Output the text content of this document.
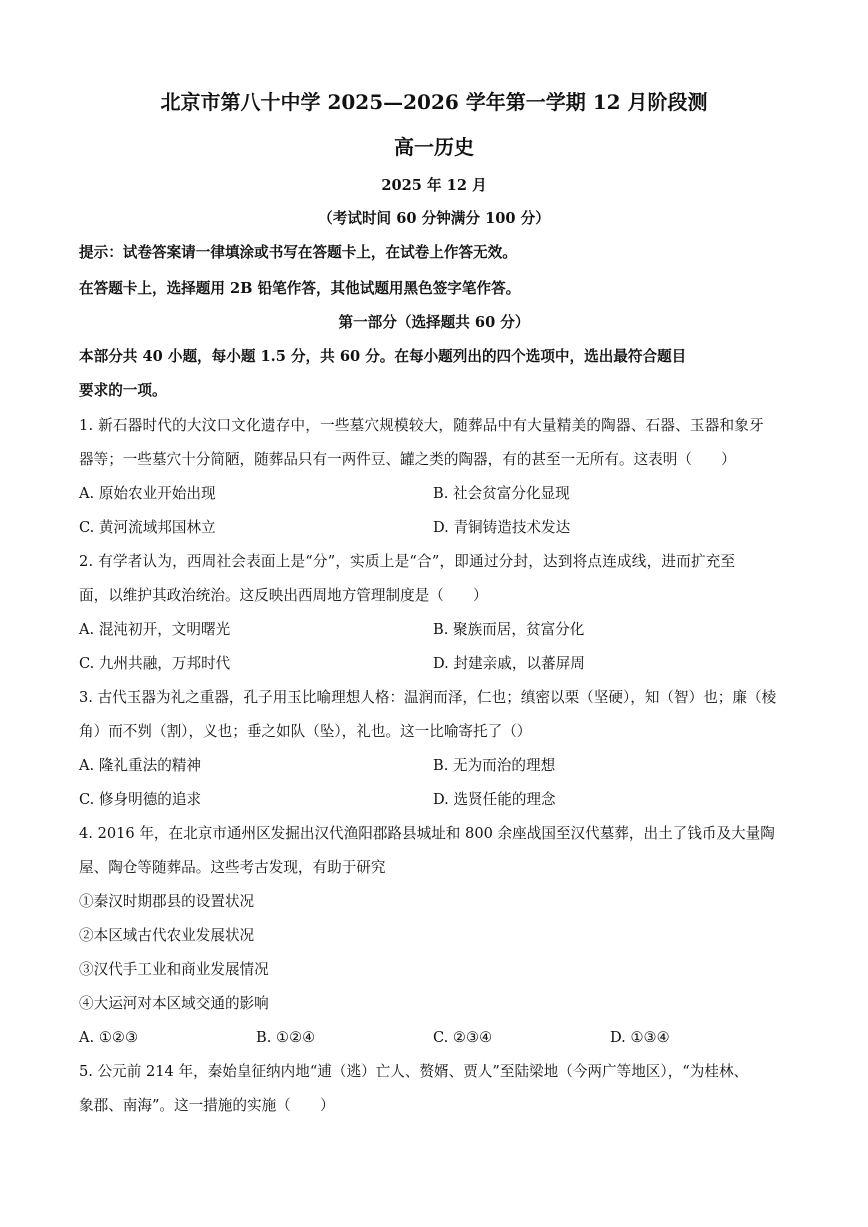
北京市第八十中学 2025—2026 学年第一学期 12 月阶段测

高一历史

2025 年 12 月

（考试时间 60 分钟满分 100 分）

提示：试卷答案请一律填涂或书写在答题卡上，在试卷上作答无效。

在答题卡上，选择题用 2B 铅笔作答，其他试题用黑色签字笔作答。

第一部分（选择题共 60 分）

本部分共 40 小题，每小题 1.5 分，共 60 分。在每小题列出的四个选项中，选出最符合题目

要求的一项。

1. 新石器时代的大汶口文化遗存中，一些墓穴规模较大，随葬品中有大量精美的陶器、石器、玉器和象牙

器等；一些墓穴十分简陋，随葬品只有一两件豆、罐之类的陶器，有的甚至一无所有。这表明（　　）

A. 原始农业开始出现	B. 社会贫富分化显现

C. 黄河流域邦国林立	D. 青铜铸造技术发达

2. 有学者认为，西周社会表面上是“分”，实质上是“合”，即通过分封，达到将点连成线，进而扩充至

面，以维护其政治统治。这反映出西周地方管理制度是（　　）

A. 混沌初开，文明曙光	B. 聚族而居，贫富分化

C. 九州共融，万邦时代	D. 封建亲戚，以蕃屏周

3. 古代玉器为礼之重器，孔子用玉比喻理想人格：温润而泽，仁也；缜密以栗（坚硬），知（智）也；廉（棱

角）而不刿（割），义也；垂之如队（坠），礼也。这一比喻寄托了（）

A. 隆礼重法的精神	B. 无为而治的理想

C. 修身明德的追求	D. 选贤任能的理念

4. 2016 年，在北京市通州区发掘出汉代渔阳郡路县城址和 800 余座战国至汉代墓葬，出土了钱币及大量陶

屋、陶仓等随葬品。这些考古发现，有助于研究

①秦汉时期郡县的设置状况

②本区域古代农业发展状况

③汉代手工业和商业发展情况

④大运河对本区域交通的影响

A. ①②③	B. ①②④	C. ②③④	D. ①③④

5. 公元前 214 年，秦始皇征纳内地“逋（逃）亡人、赘婿、贾人”至陆梁地（今两广等地区），“为桂林、

象郡、南海”。这一措施的实施（　　）
